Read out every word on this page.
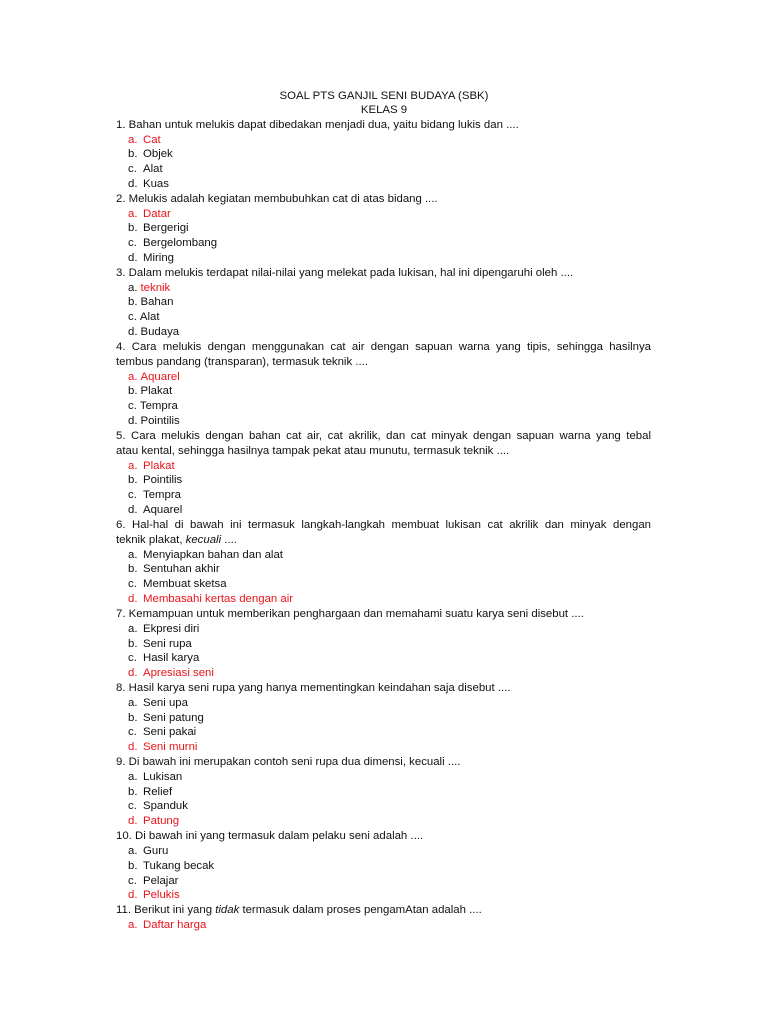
SOAL PTS GANJIL SENI BUDAYA (SBK)
KELAS 9
1. Bahan untuk melukis dapat dibedakan menjadi dua, yaitu bidang lukis dan ....
a. Cat
b. Objek
c. Alat
d. Kuas
2. Melukis adalah kegiatan membubuhkan cat di atas bidang ....
a. Datar
b. Bergerigi
c. Bergelombang
d. Miring
3. Dalam melukis terdapat nilai-nilai yang melekat pada lukisan, hal ini dipengaruhi oleh ....
a. teknik
b. Bahan
c. Alat
d. Budaya
4. Cara melukis dengan menggunakan cat air dengan sapuan warna yang tipis, sehingga hasilnya
tembus pandang (transparan), termasuk teknik ....
a. Aquarel
b. Plakat
c. Tempra
d. Pointilis
5. Cara melukis dengan bahan cat air, cat akrilik, dan cat minyak dengan sapuan warna yang tebal
atau kental, sehingga hasilnya tampak pekat atau munutu, termasuk teknik ....
a. Plakat
b. Pointilis
c. Tempra
d. Aquarel
6. Hal-hal di bawah ini termasuk langkah-langkah membuat lukisan cat akrilik dan minyak dengan
teknik plakat, kecuali ....
a. Menyiapkan bahan dan alat
b. Sentuhan akhir
c. Membuat sketsa
d. Membasahi kertas dengan air
7. Kemampuan untuk memberikan penghargaan dan memahami suatu karya seni disebut ....
a. Ekpresi diri
b. Seni rupa
c. Hasil karya
d. Apresiasi seni
8. Hasil karya seni rupa yang hanya mementingkan keindahan saja disebut ....
a. Seni upa
b. Seni patung
c. Seni pakai
d. Seni murni
9. Di bawah ini merupakan contoh seni rupa dua dimensi, kecuali ....
a. Lukisan
b. Relief
c. Spanduk
d. Patung
10. Di bawah ini yang termasuk dalam pelaku seni adalah ....
a. Guru
b. Tukang becak
c. Pelajar
d. Pelukis
11. Berikut ini yang tidak termasuk dalam proses pengamAtan adalah ....
a. Daftar harga
